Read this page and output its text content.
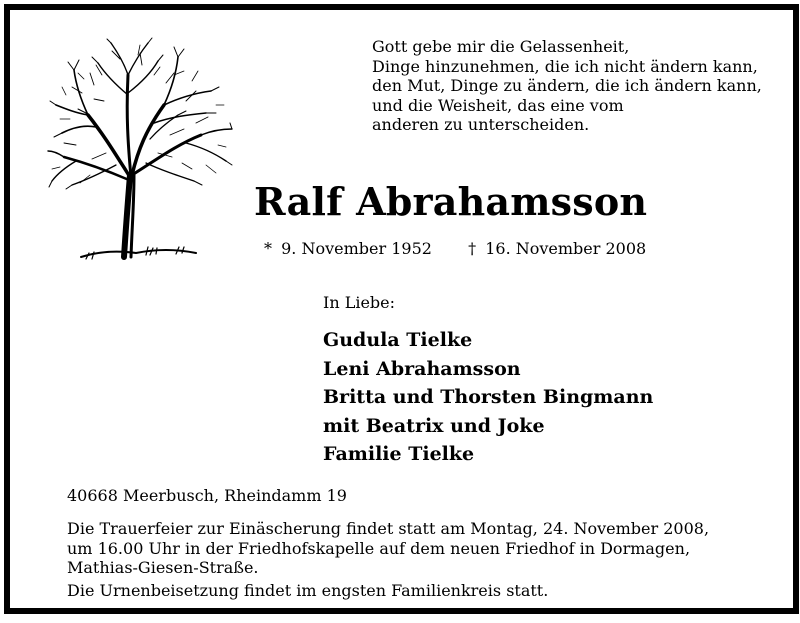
Gott gebe mir die Gelassenheit,
Dinge hinzunehmen, die ich nicht ändern kann,
den Mut, Dinge zu ändern, die ich ändern kann,
und die Weisheit, das eine vom
anderen zu unterscheiden.
Ralf Abrahamsson
* 9. November 1952 † 16. November 2008
In Liebe:
Gudula Tielke
Leni Abrahamsson
Britta und Thorsten Bingmann
mit Beatrix und Joke
Familie Tielke
40668 Meerbusch, Rheindamm 19
Die Trauerfeier zur Einäscherung findet statt am Montag, 24. November 2008,
um 16.00 Uhr in der Friedhofskapelle auf dem neuen Friedhof in Dormagen,
Mathias-Giesen-Straße.
Die Urnenbeisetzung findet im engsten Familienkreis statt.
